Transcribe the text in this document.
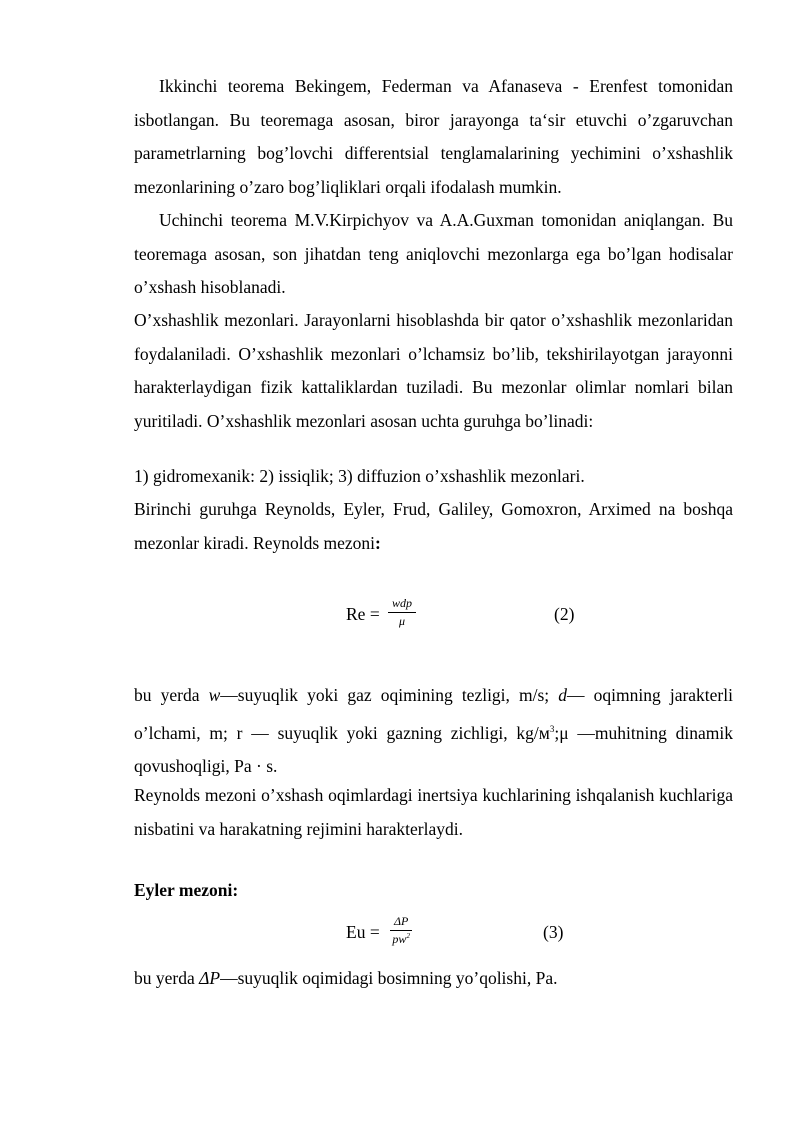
Ikkinchi teorema Bekingem, Federman va Afanaseva - Erenfest tomonidan isbotlangan. Bu teoremaga asosan, biror jarayonga ta‘sir etuvchi o’zgaruvchan parametrlarning bog’lovchi differentsial tenglamalarining yechimini o’xshashlik mezonlarining o’zaro bog’liqliklari orqali ifodalash mumkin.

Uchinchi teorema M.V.Kirpichyov va A.A.Guxman tomonidan aniqlangan. Bu teoremaga asosan, son jihatdan teng aniqlovchi mezonlarga ega bo’lgan hodisalar o’xshash hisoblanadi.

O’xshashlik mezonlari. Jarayonlarni hisoblashda bir qator o’xshashlik mezonlaridan foydalaniladi. O’xshashlik mezonlari o’lchamsiz bo’lib, tekshirilayotgan jarayonni harakterlaydigan fizik kattaliklardan tuziladi. Bu mezonlar olimlar nomlari bilan yuritiladi. O’xshashlik mezonlari asosan uchta guruhga bo’linadi:

1) gidromexanik: 2) issiqlik; 3) diffuzion o’xshashlik mezonlari.

Birinchi guruhga Reynolds, Eyler, Frud, Galiley, Gomoxron, Arximed na boshqa mezonlar kiradi. Reynolds mezoni:

Re =
wdp
μ	(2)

bu yerda w—suyuqlik yoki gaz oqimining tezligi, m/s; d— oqimning jarakterli o’lchami, m; r — suyuqlik yoki gazning zichligi, $kg/м^3;\mu$ —muhitning dinamik qovushoqligi, Pa · s.

Reynolds mezoni o’xshash oqimlardagi inertsiya kuchlarining ishqalanish kuchlariga nisbatini va harakatning rejimini harakterlaydi.

Eyler mezoni:
$Eu = \frac{\Delta P}{pw^2}$	(3)
bu yerda ΔP—suyuqlik oqimidagi bosimning yo’qolishi, Pa.
